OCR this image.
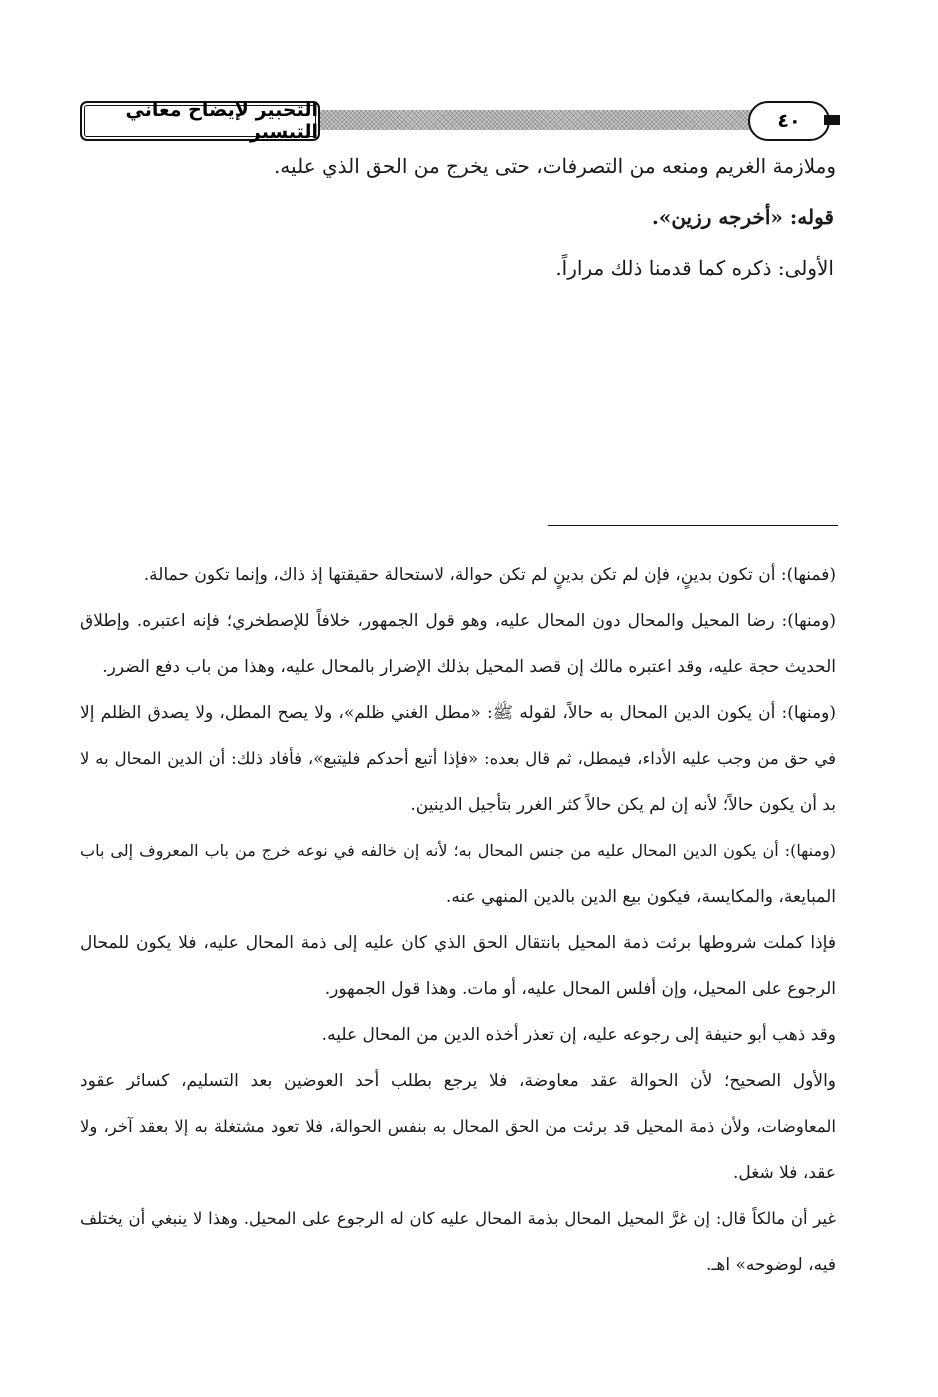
التحبير لإيضاح معاني التيسير	٤٠
وملازمة الغريم ومنعه من التصرفات، حتى يخرج من الحق الذي عليه.
قوله: «أخرجه رزين».
الأولى: ذكره كما قدمنا ذلك مراراً.
(فمنها): أن تكون بدينٍ، فإن لم تكن بدينٍ لم تكن حوالة، لاستحالة حقيقتها إذ ذاك، وإنما تكون حمالة.
(ومنها): رضا المحيل والمحال دون المحال عليه، وهو قول الجمهور، خلافاً للإصطخري؛ فإنه اعتبره. وإطلاق
الحديث حجة عليه، وقد اعتبره مالك إن قصد المحيل بذلك الإضرار بالمحال عليه، وهذا من باب دفع الضرر.
(ومنها): أن يكون الدين المحال به حالاً، لقوله ﷺ: «مطل الغني ظلم»، ولا يصح المطل، ولا يصدق الظلم إلا
في حق من وجب عليه الأداء، فيمطل، ثم قال بعده: «فإذا أتبع أحدكم فليتبع»، فأفاد ذلك: أن الدين المحال به لا
بد أن يكون حالاً؛ لأنه إن لم يكن حالاً كثر الغرر بتأجيل الدينين.
(ومنها): أن يكون الدين المحال عليه من جنس المحال به؛ لأنه إن خالفه في نوعه خرج من باب المعروف إلى باب
المبايعة، والمكايسة، فيكون بيع الدين بالدين المنهي عنه.
فإذا كملت شروطها برئت ذمة المحيل بانتقال الحق الذي كان عليه إلى ذمة المحال عليه، فلا يكون للمحال
الرجوع على المحيل، وإن أفلس المحال عليه، أو مات. وهذا قول الجمهور.
وقد ذهب أبو حنيفة إلى رجوعه عليه، إن تعذر أخذه الدين من المحال عليه.
والأول الصحيح؛ لأن الحوالة عقد معاوضة، فلا يرجع بطلب أحد العوضين بعد التسليم، كسائر عقود
المعاوضات، ولأن ذمة المحيل قد برئت من الحق المحال به بنفس الحوالة، فلا تعود مشتغلة به إلا بعقد آخر، ولا
عقد، فلا شغل.
غير أن مالكاً قال: إن غرَّ المحيل المحال بذمة المحال عليه كان له الرجوع على المحيل. وهذا لا ينبغي أن يختلف
فيه، لوضوحه» اهـ.
